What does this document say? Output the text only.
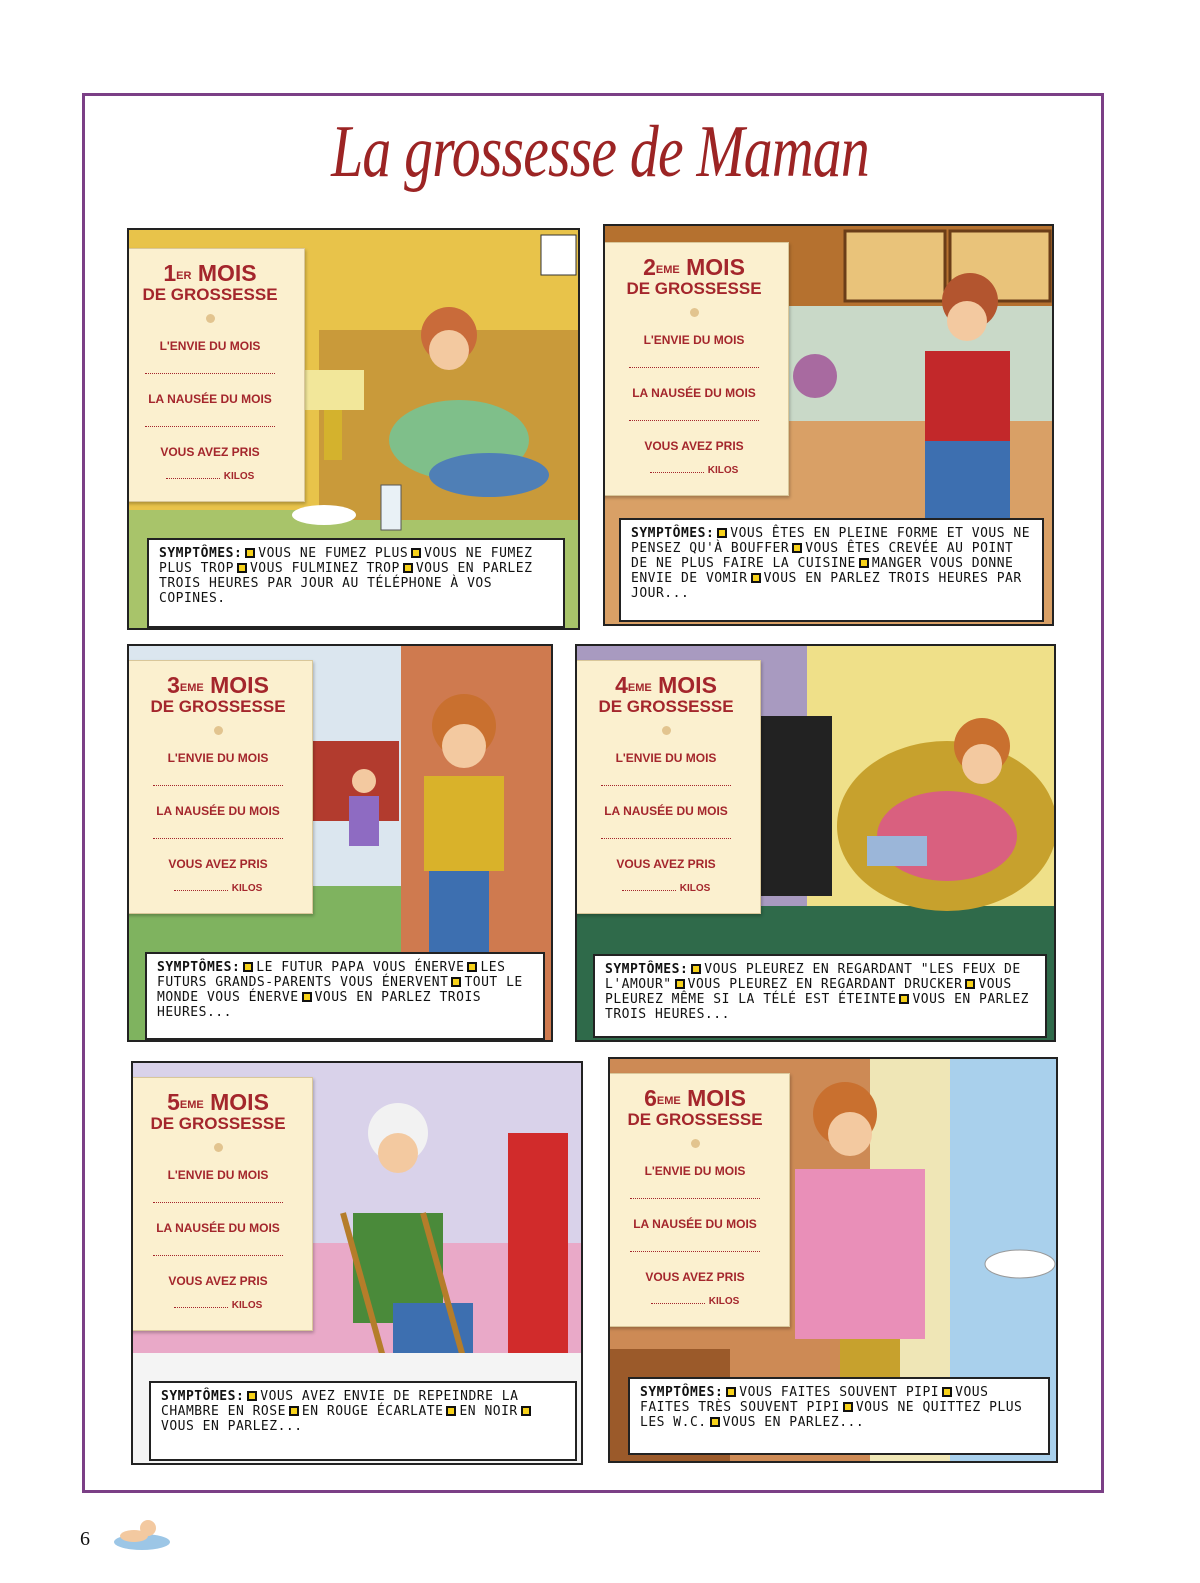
La grossesse de Maman
1ER MOIS
DE GROSSESSE
L'ENVIE DU MOIS
LA NAUSÉE DU MOIS
VOUS AVEZ PRIS
KILOS
SYMPTÔMES: VOUS NE FUMEZ PLUS VOUS NE FUMEZ PLUS TROP VOUS FULMINEZ TROP VOUS EN PARLEZ TROIS HEURES PAR JOUR AU TÉLÉPHONE À VOS COPINES.
2EME MOIS
DE GROSSESSE
L'ENVIE DU MOIS
LA NAUSÉE DU MOIS
VOUS AVEZ PRIS
KILOS
SYMPTÔMES: VOUS ÊTES EN PLEINE FORME ET VOUS NE PENSEZ QU'À BOUFFER VOUS ÊTES CREVÉE AU POINT DE NE PLUS FAIRE LA CUISINE MANGER VOUS DONNE ENVIE DE VOMIR VOUS EN PARLEZ TROIS HEURES PAR JOUR...
3EME MOIS
DE GROSSESSE
L'ENVIE DU MOIS
LA NAUSÉE DU MOIS
VOUS AVEZ PRIS
KILOS
SYMPTÔMES: LE FUTUR PAPA VOUS ÉNERVE LES FUTURS GRANDS-PARENTS VOUS ÉNERVENT TOUT LE MONDE VOUS ÉNERVE VOUS EN PARLEZ TROIS HEURES...
4EME MOIS
DE GROSSESSE
L'ENVIE DU MOIS
LA NAUSÉE DU MOIS
VOUS AVEZ PRIS
KILOS
SYMPTÔMES: VOUS PLEUREZ EN REGARDANT "LES FEUX DE L'AMOUR" VOUS PLEUREZ EN REGARDANT DRUCKER VOUS PLEUREZ MÊME SI LA TÉLÉ EST ÉTEINTE VOUS EN PARLEZ TROIS HEURES...
5EME MOIS
DE GROSSESSE
L'ENVIE DU MOIS
LA NAUSÉE DU MOIS
VOUS AVEZ PRIS
KILOS
SYMPTÔMES: VOUS AVEZ ENVIE DE REPEINDRE LA CHAMBRE EN ROSE EN ROUGE ÉCARLATE EN NOIRVOUS EN PARLEZ...
6EME MOIS
DE GROSSESSE
L'ENVIE DU MOIS
LA NAUSÉE DU MOIS
VOUS AVEZ PRIS
KILOS
SYMPTÔMES: VOUS FAITES SOUVENT PIPI VOUS FAITES TRÈS SOUVENT PIPI VOUS NE QUITTEZ PLUS LES W.C. VOUS EN PARLEZ...
6
